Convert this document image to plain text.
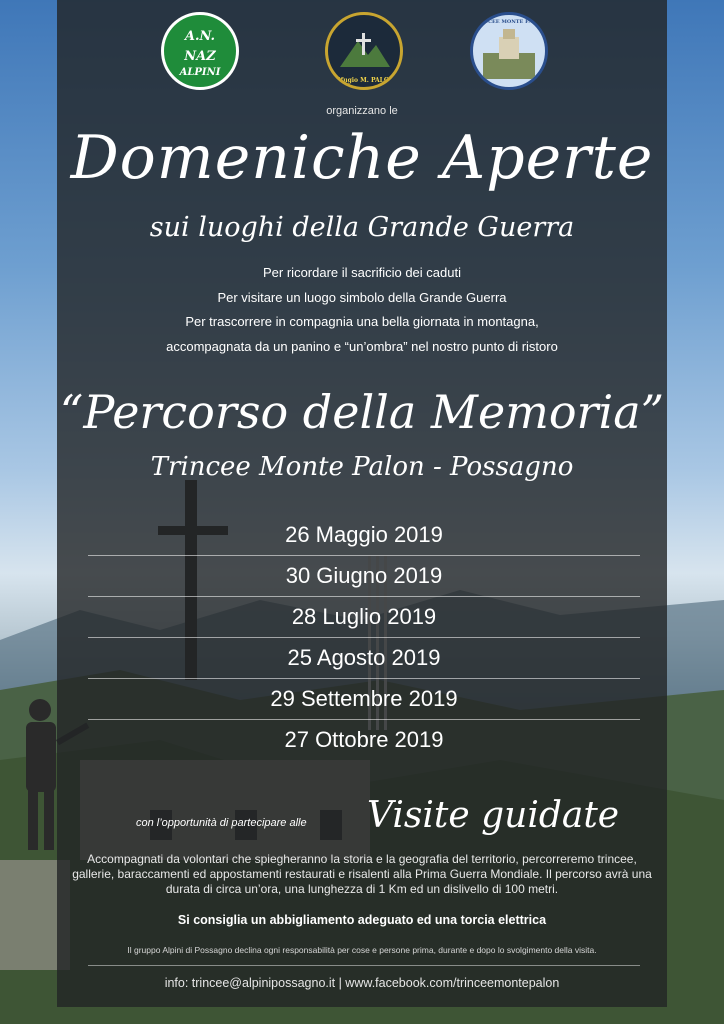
A.N.
NAZ
ALPINI
Rifugio M. PALON
TRINCEE MONTE PALON
organizzano le
Domeniche Aperte
sui luoghi della Grande Guerra
Per ricordare il sacrificio dei caduti
Per visitare un luogo simbolo della Grande Guerra
Per trascorrere in compagnia una bella giornata in montagna,
accompagnata da un panino e “un’ombra” nel nostro punto di ristoro
“Percorso della Memoria”
Trincee Monte Palon - Possagno
26 Maggio 2019
30 Giugno 2019
28 Luglio 2019
25 Agosto 2019
29 Settembre 2019
27 Ottobre 2019
con l’opportunità di partecipare alle Visite guidate
Accompagnati da volontari che spiegheranno la storia e la geografia del territorio, percorreremo trincee, gallerie, baraccamenti ed appostamenti restaurati e risalenti alla Prima Guerra Mondiale. Il percorso avrà una durata di circa un’ora, una lunghezza di 1 Km ed un dislivello di 100 metri.
Si consiglia un abbigliamento adeguato ed una torcia elettrica
Il gruppo Alpini di Possagno declina ogni responsabilità per cose e persone prima, durante e dopo lo svolgimento della visita.
info: trincee@alpinipossagno.it | www.facebook.com/trinceemontepalon
